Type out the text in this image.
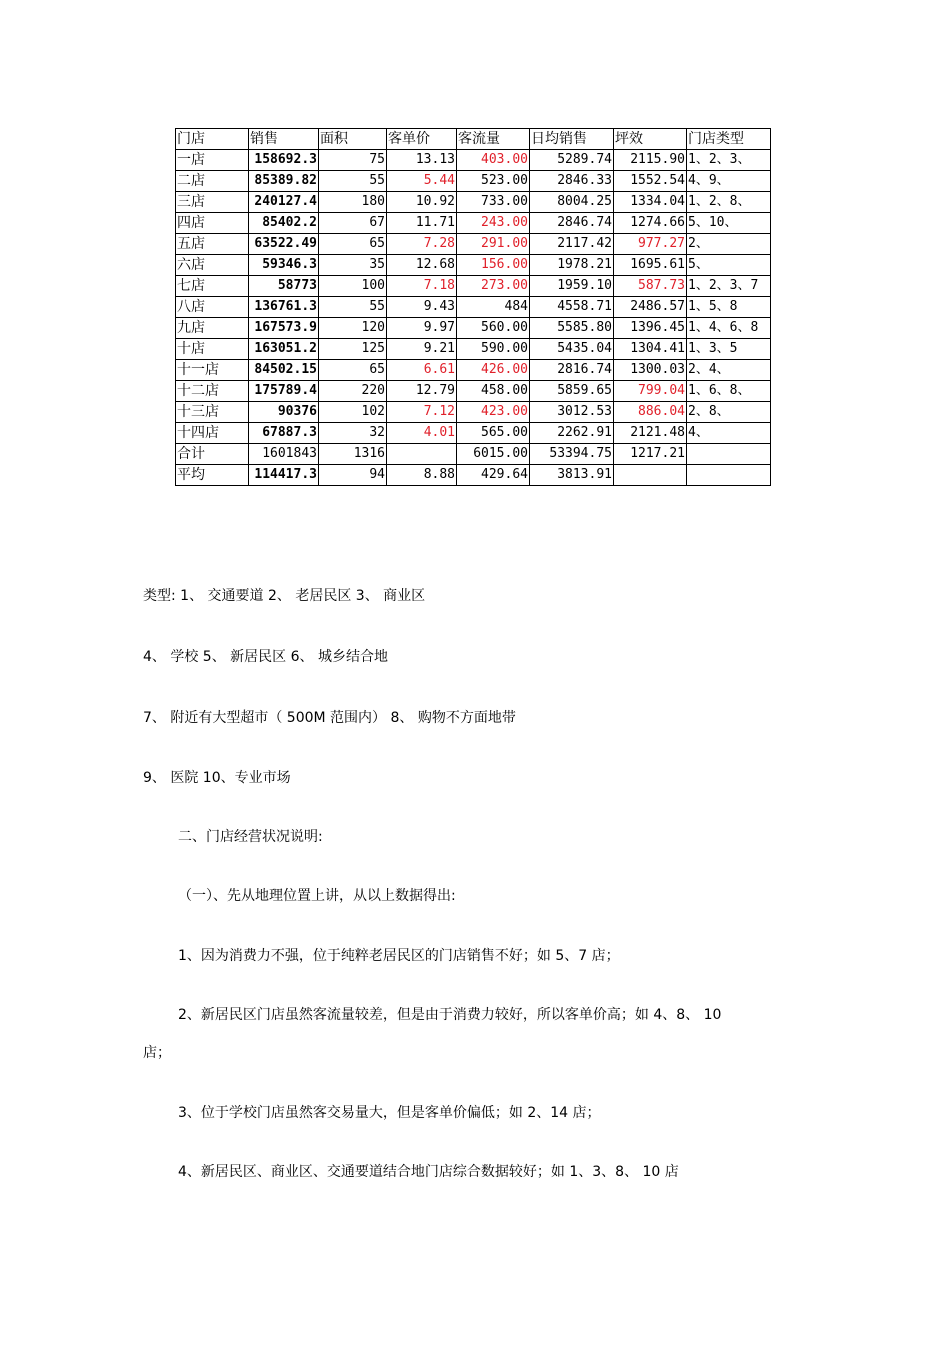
门店	销售	面积	客单价	客流量	日均销售	坪效	门店类型
一店	158692.3	75	13.13	403.00	5289.74	2115.90	1、2、3、
二店	85389.82	55	5.44	523.00	2846.33	1552.54	4、9、
三店	240127.4	180	10.92	733.00	8004.25	1334.04	1、2、8、
四店	85402.2	67	11.71	243.00	2846.74	1274.66	5、10、
五店	63522.49	65	7.28	291.00	2117.42	977.27	2、
六店	59346.3	35	12.68	156.00	1978.21	1695.61	5、
七店	58773	100	7.18	273.00	1959.10	587.73	1、2、3、7
八店	136761.3	55	9.43	484	4558.71	2486.57	1、5、8
九店	167573.9	120	9.97	560.00	5585.80	1396.45	1、4、6、8
十店	163051.2	125	9.21	590.00	5435.04	1304.41	1、3、5
十一店	84502.15	65	6.61	426.00	2816.74	1300.03	2、4、
十二店	175789.4	220	12.79	458.00	5859.65	799.04	1、6、8、
十三店	90376	102	7.12	423.00	3012.53	886.04	2、8、
十四店	67887.3	32	4.01	565.00	2262.91	2121.48	4、
合计	1601843	1316		6015.00	53394.75	1217.21	
平均	114417.3	94	8.88	429.64	3813.91		

类型: 1、 交通要道 2、 老居民区 3、 商业区

4、 学校 5、 新居民区 6、 城乡结合地

7、 附近有大型超市（ 500M 范围内） 8、 购物不方面地带

9、 医院 10、专业市场

二、门店经营状况说明:

（一）、先从地理位置上讲，从以上数据得出:

1、因为消费力不强，位于纯粹老居民区的门店销售不好；如 5、7 店；

2、新居民区门店虽然客流量较差，但是由于消费力较好，所以客单价高；如 4、8、 10

店；

3、位于学校门店虽然客交易量大，但是客单价偏低；如 2、14 店；

4、新居民区、商业区、交通要道结合地门店综合数据较好；如 1、3、8、 10 店
